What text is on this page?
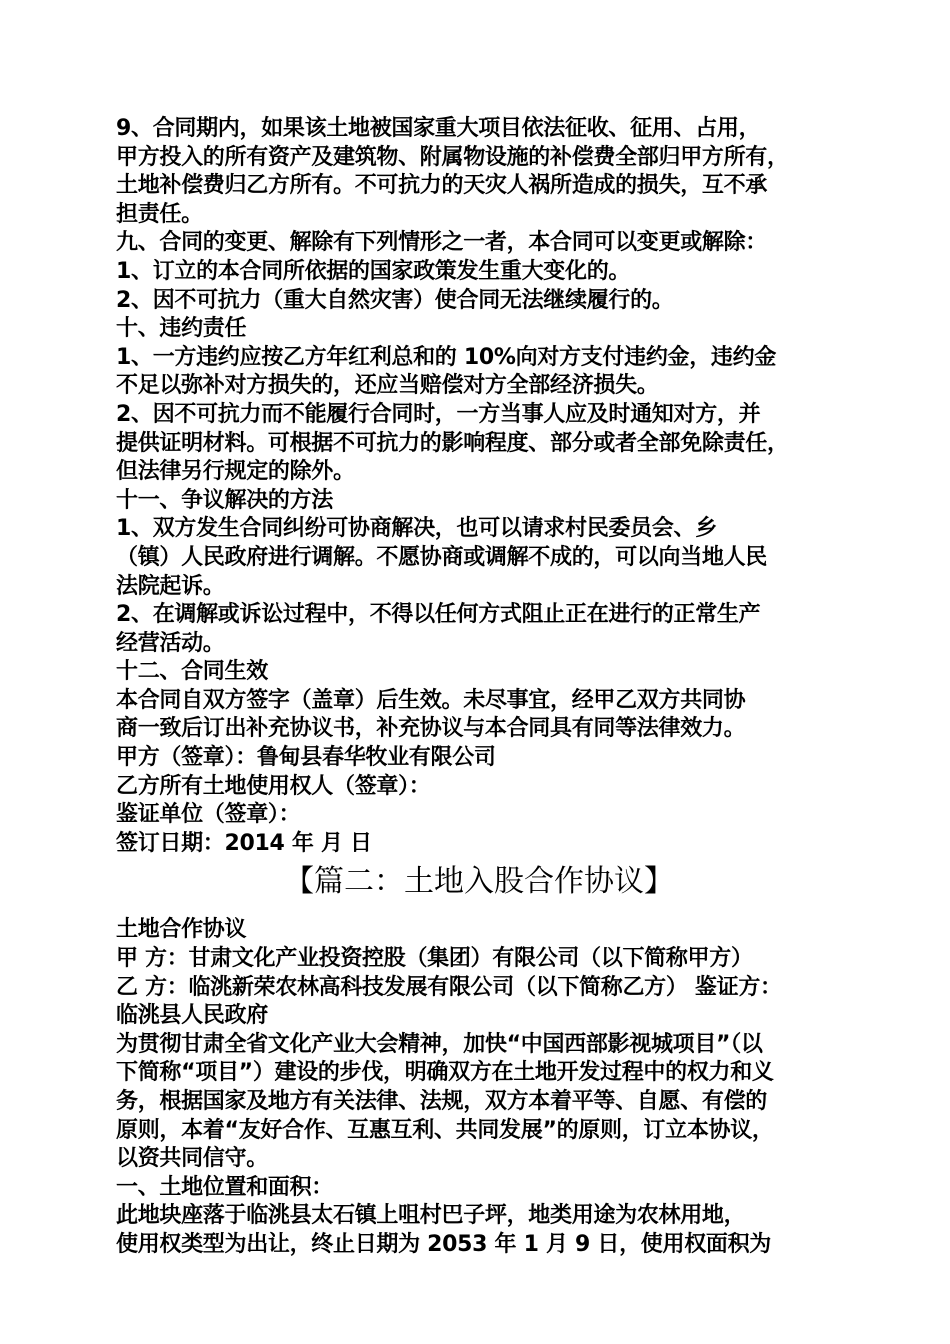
9、合同期内，如果该土地被国家重大项目依法征收、征用、占用，
甲方投入的所有资产及建筑物、附属物设施的补偿费全部归甲方所有，
土地补偿费归乙方所有。不可抗力的天灾人祸所造成的损失，互不承
担责任。
九、合同的变更、解除有下列情形之一者，本合同可以变更或解除：
1、订立的本合同所依据的国家政策发生重大变化的。
2、因不可抗力（重大自然灾害）使合同无法继续履行的。
十、违约责任
1、一方违约应按乙方年红利总和的 10%向对方支付违约金，违约金
不足以弥补对方损失的，还应当赔偿对方全部经济损失。
2、因不可抗力而不能履行合同时，一方当事人应及时通知对方，并
提供证明材料。可根据不可抗力的影响程度、部分或者全部免除责任，
但法律另行规定的除外。
十一、争议解决的方法
1、双方发生合同纠纷可协商解决，也可以请求村民委员会、乡
（镇）人民政府进行调解。不愿协商或调解不成的，可以向当地人民
法院起诉。
2、在调解或诉讼过程中，不得以任何方式阻止正在进行的正常生产
经营活动。
十二、合同生效
本合同自双方签字（盖章）后生效。未尽事宜，经甲乙双方共同协
商一致后订出补充协议书，补充协议与本合同具有同等法律效力。
甲方（签章）：鲁甸县春华牧业有限公司
乙方所有土地使用权人（签章）：
鉴证单位（签章）：
签订日期：2014 年 月 日
【篇二：土地入股合作协议】
土地合作协议
甲 方：甘肃文化产业投资控股（集团）有限公司（以下简称甲方）
乙 方：临洮新荣农林高科技发展有限公司（以下简称乙方） 鉴证方：
临洮县人民政府
为贯彻甘肃全省文化产业大会精神，加快“中国西部影视城项目”（以
下简称“项目”）建设的步伐，明确双方在土地开发过程中的权力和义
务，根据国家及地方有关法律、法规，双方本着平等、自愿、有偿的
原则，本着“友好合作、互惠互利、共同发展”的原则，订立本协议，
以资共同信守。
一、土地位置和面积：
此地块座落于临洮县太石镇上咀村巴子坪，地类用途为农林用地，
使用权类型为出让，终止日期为 2053 年 1 月 9 日，使用权面积为
